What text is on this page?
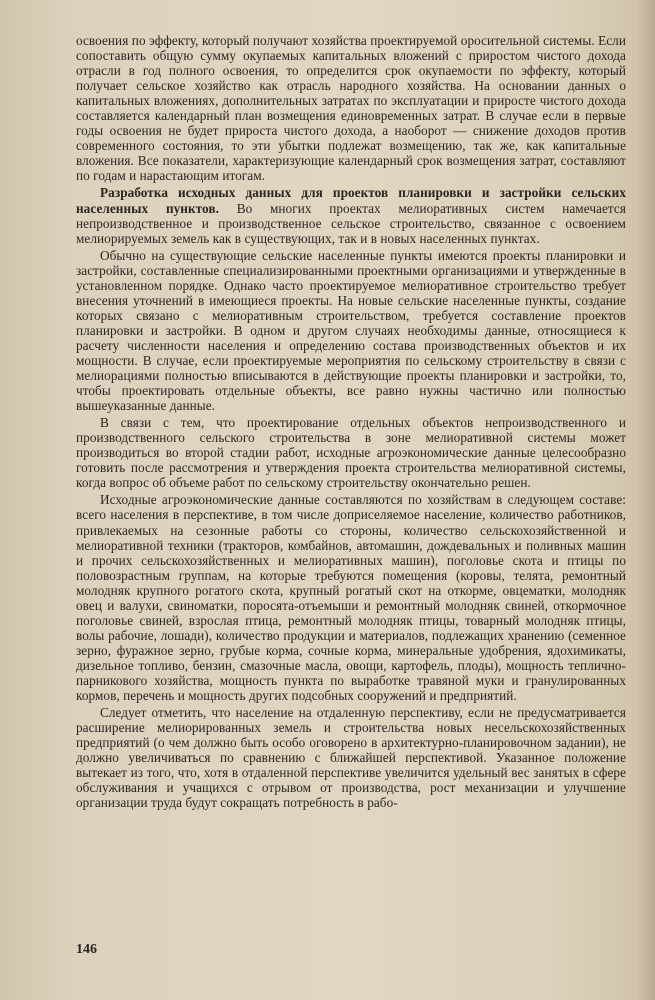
освоения по эффекту, который получают хозяйства проектируемой оросительной системы. Если сопоставить общую сумму окупаемых капитальных вложений с приростом чистого дохода отрасли в год полного освоения, то определится срок окупаемости по эффекту, который получает сельское хозяйство как отрасль народного хозяйства. На основании данных о капитальных вложениях, дополнительных затратах по эксплуатации и приросте чистого дохода составляется календарный план возмещения единовременных затрат. В случае если в первые годы освоения не будет прироста чистого дохода, а наоборот — снижение доходов против современного состояния, то эти убытки подлежат возмещению, так же, как капитальные вложения. Все показатели, характеризующие календарный срок возмещения затрат, составляют по годам и нарастающим итогам.

Разработка исходных данных для проектов планировки и застройки сельских населенных пунктов. Во многих проектах мелиоративных систем намечается непроизводственное и производственное сельское строительство, связанное с освоением мелиорируемых земель как в существующих, так и в новых населенных пунктах.

Обычно на существующие сельские населенные пункты имеются проекты планировки и застройки, составленные специализированными проектными организациями и утвержденные в установленном порядке. Однако часто проектируемое мелиоративное строительство требует внесения уточнений в имеющиеся проекты. На новые сельские населенные пункты, создание которых связано с мелиоративным строительством, требуется составление проектов планировки и застройки. В одном и другом случаях необходимы данные, относящиеся к расчету численности населения и определению состава производственных объектов и их мощности. В случае, если проектируемые мероприятия по сельскому строительству в связи с мелиорациями полностью вписываются в действующие проекты планировки и застройки, то, чтобы проектировать отдельные объекты, все равно нужны частично или полностью вышеуказанные данные.

В связи с тем, что проектирование отдельных объектов непроизводственного и производственного сельского строительства в зоне мелиоративной системы может производиться во второй стадии работ, исходные агроэкономические данные целесообразно готовить после рассмотрения и утверждения проекта строительства мелиоративной системы, когда вопрос об объеме работ по сельскому строительству окончательно решен.

Исходные агроэкономические данные составляются по хозяйствам в следующем составе: всего населения в перспективе, в том числе доприселяемое население, количество работников, привлекаемых на сезонные работы со стороны, количество сельскохозяйственной и мелиоративной техники (тракторов, комбайнов, автомашин, дождевальных и поливных машин и прочих сельскохозяйственных и мелиоративных машин), поголовье скота и птицы по половозрастным группам, на которые требуются помещения (коровы, телята, ремонтный молодняк крупного рогатого скота, крупный рогатый скот на откорме, овцематки, молодняк овец и валухи, свиноматки, поросята-отъемыши и ремонтный молодняк свиней, откормочное поголовье свиней, взрослая птица, ремонтный молодняк птицы, товарный молодняк птицы, волы рабочие, лошади), количество продукции и материалов, подлежащих хранению (семенное зерно, фуражное зерно, грубые корма, сочные корма, минеральные удобрения, ядохимикаты, дизельное топливо, бензин, смазочные масла, овощи, картофель, плоды), мощность теплично-парникового хозяйства, мощность пункта по выработке травяной муки и гранулированных кормов, перечень и мощность других подсобных сооружений и предприятий.

Следует отметить, что население на отдаленную перспективу, если не предусматривается расширение мелиорированных земель и строительства новых несельскохозяйственных предприятий (о чем должно быть особо оговорено в архитектурно-планировочном задании), не должно увеличиваться по сравнению с ближайшей перспективой. Указанное положение вытекает из того, что, хотя в отдаленной перспективе увеличится удельный вес занятых в сфере обслуживания и учащихся с отрывом от производства, рост механизации и улучшение организации труда будут сокращать потребность в рабо-

146
